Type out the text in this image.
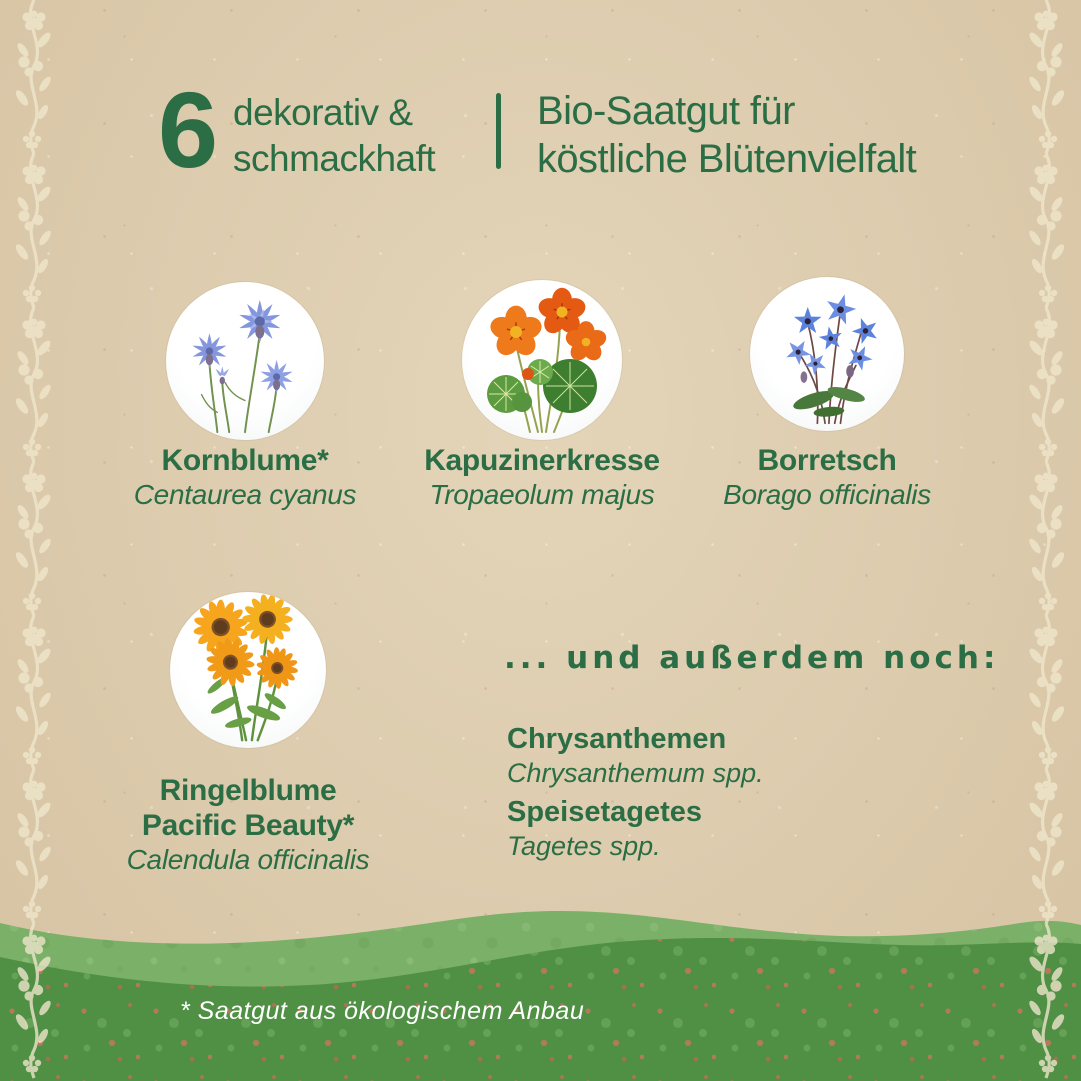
6 dekorativ &
schmackhaft
Bio-Saatgut für
köstliche Blütenvielfalt
Kornblume*
Centaurea cyanus
Kapuzinerkresse
Tropaeolum majus
Borretsch
Borago officinalis
Ringelblume
Pacific Beauty*
Calendula officinalis
... und außerdem noch:
Chrysanthemen
Chrysanthemum spp.
Speisetagetes
Tagetes spp.
* Saatgut aus ökologischem Anbau
